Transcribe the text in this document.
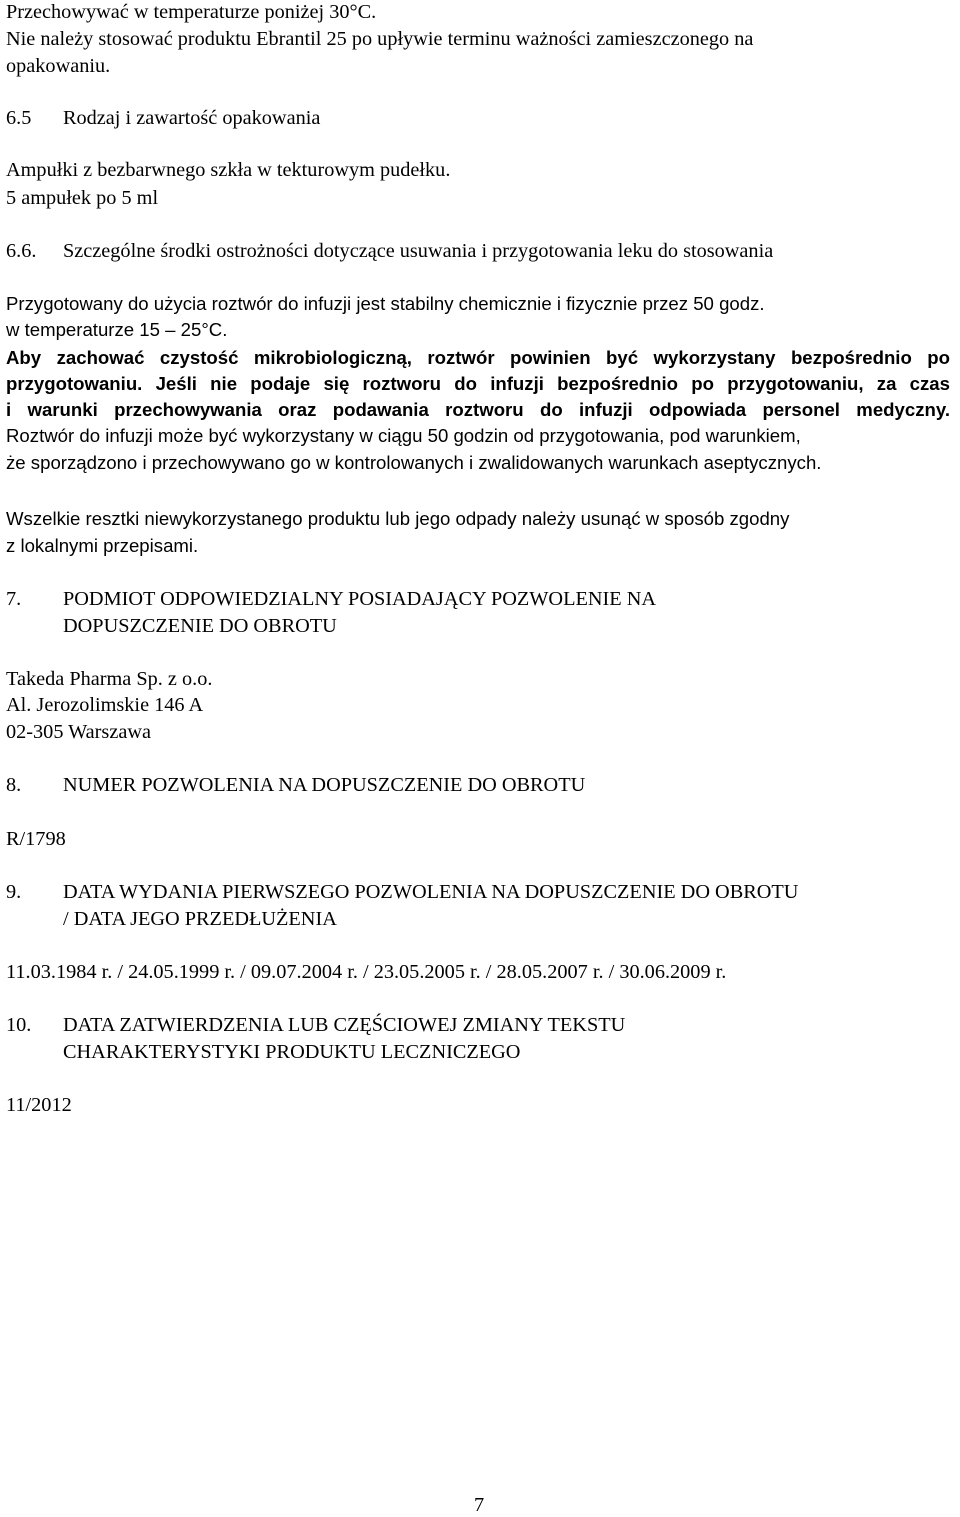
Przechowywać w temperaturze poniżej 30°C.
Nie należy stosować produktu Ebrantil 25 po upływie terminu ważności zamieszczonego na
opakowaniu.
6.5 Rodzaj i zawartość opakowania
Ampułki z bezbarwnego szkła w tekturowym pudełku.
5 ampułek po 5 ml
6.6. Szczególne środki ostrożności dotyczące usuwania i przygotowania leku do stosowania
Przygotowany do użycia roztwór do infuzji jest stabilny chemicznie i fizycznie przez 50 godz.
w temperaturze 15 – 25°C.
Aby zachować czystość mikrobiologiczną, roztwór powinien być wykorzystany bezpośrednio po
przygotowaniu. Jeśli nie podaje się roztworu do infuzji bezpośrednio po przygotowaniu, za czas
i warunki przechowywania oraz podawania roztworu do infuzji odpowiada personel medyczny.
Roztwór do infuzji może być wykorzystany w ciągu 50 godzin od przygotowania, pod warunkiem,
że sporządzono i przechowywano go w kontrolowanych i zwalidowanych warunkach aseptycznych.
Wszelkie resztki niewykorzystanego produktu lub jego odpady należy usunąć w sposób zgodny
z lokalnymi przepisami.
7. PODMIOT ODPOWIEDZIALNY POSIADAJĄCY POZWOLENIE NA
DOPUSZCZENIE DO OBROTU
Takeda Pharma Sp. z o.o.
Al. Jerozolimskie 146 A
02-305 Warszawa
8. NUMER POZWOLENIA NA DOPUSZCZENIE DO OBROTU
R/1798
9. DATA WYDANIA PIERWSZEGO POZWOLENIA NA DOPUSZCZENIE DO OBROTU
/ DATA JEGO PRZEDŁUŻENIA
11.03.1984 r. / 24.05.1999 r. / 09.07.2004 r. / 23.05.2005 r. / 28.05.2007 r. / 30.06.2009 r.
10. DATA ZATWIERDZENIA LUB CZĘŚCIOWEJ ZMIANY TEKSTU
CHARAKTERYSTYKI PRODUKTU LECZNICZEGO
11/2012
7
